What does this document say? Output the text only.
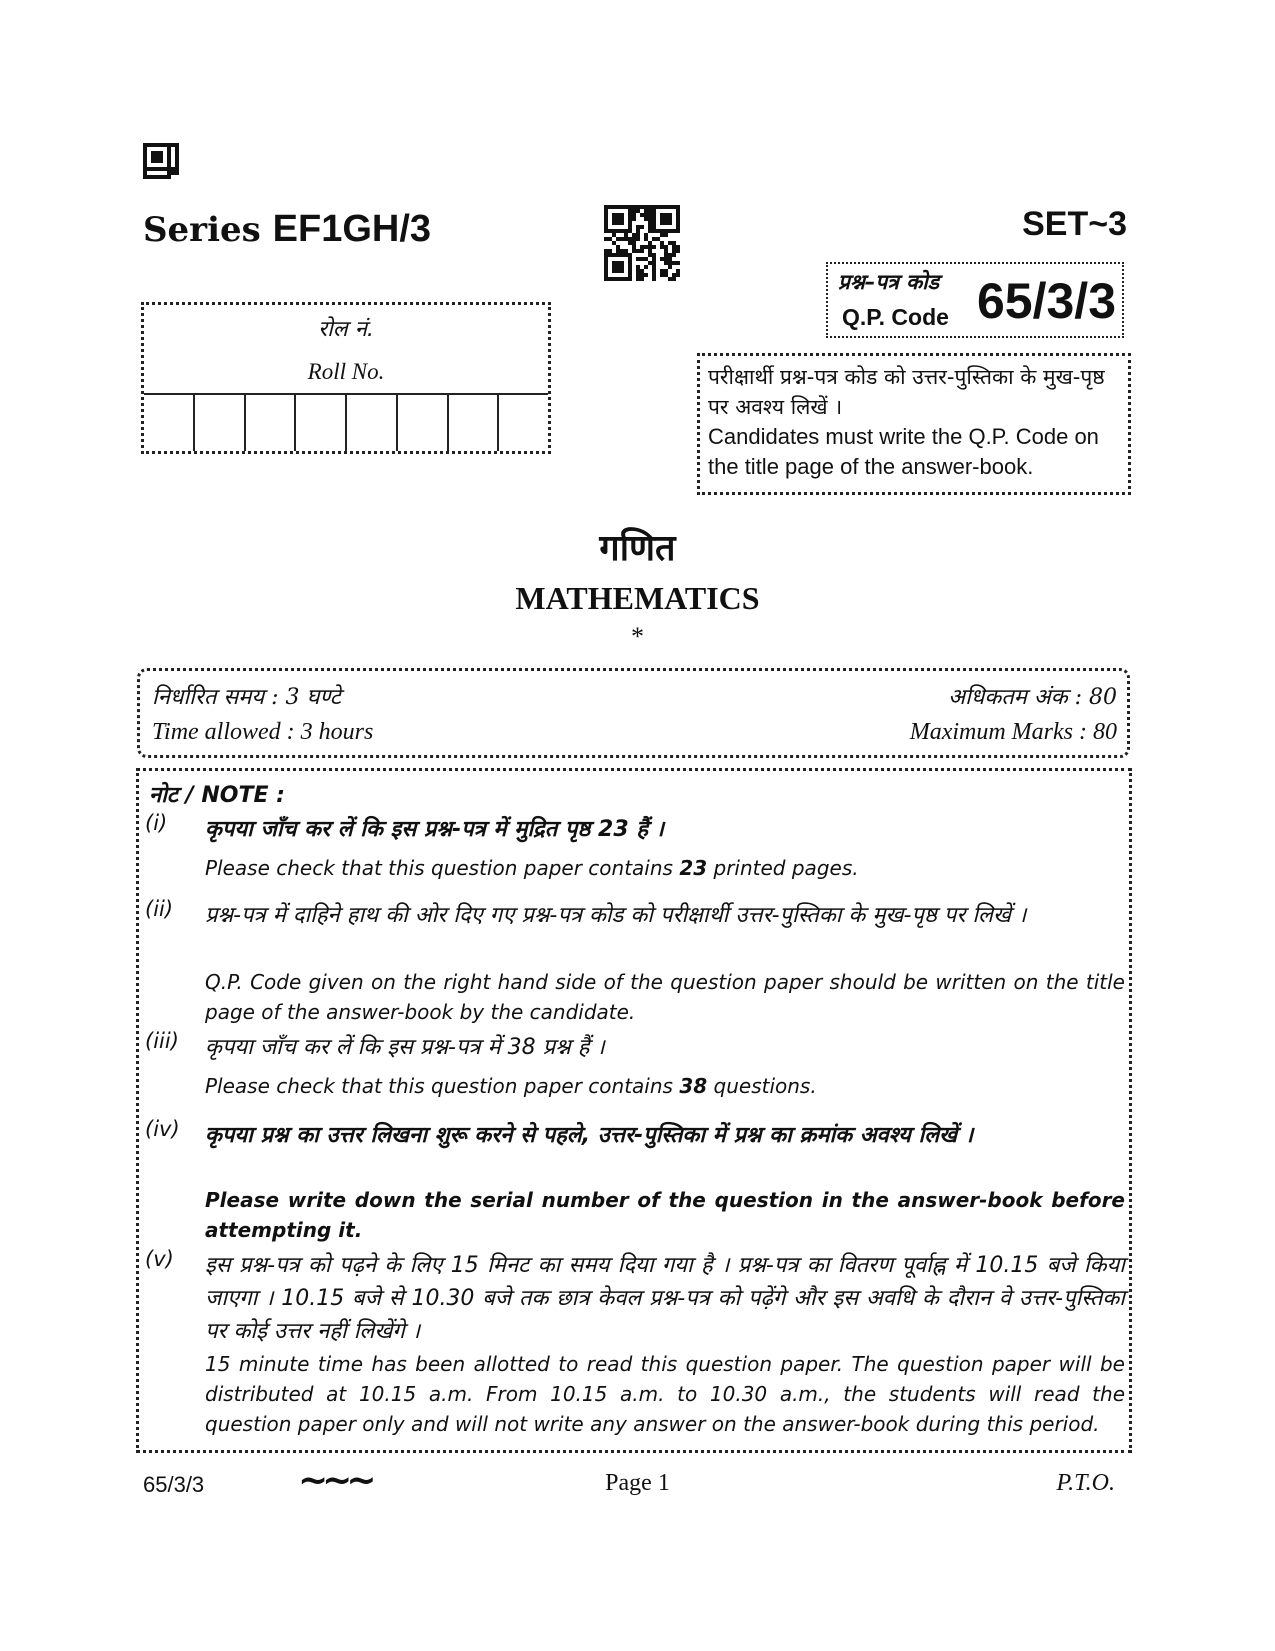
Series EF1GH/3	SET~3
रोल नं.
Roll No.
प्रश्न–पत्र कोड
Q.P. Code 65/3/3
परीक्षार्थी प्रश्न-पत्र कोड को उत्तर-पुस्तिका के मुख-पृष्ठ पर अवश्य लिखें ।
Candidates must write the Q.P. Code on the title page of the answer-book.
गणित
MATHEMATICS
*
निर्धारित समय : 3 घण्टे
Time allowed : 3 hours
अधिकतम अंक : 80
Maximum Marks : 80
नोट / NOTE :
(i) कृपया जाँच कर लें कि इस प्रश्न-पत्र में मुद्रित पृष्ठ 23 हैं ।
Please check that this question paper contains 23 printed pages.
(ii) प्रश्न-पत्र में दाहिने हाथ की ओर दिए गए प्रश्न-पत्र कोड को परीक्षार्थी उत्तर-पुस्तिका के मुख-पृष्ठ पर लिखें ।
Q.P. Code given on the right hand side of the question paper should be written on the title page of the answer-book by the candidate.
(iii) कृपया जाँच कर लें कि इस प्रश्न-पत्र में 38 प्रश्न हैं ।
Please check that this question paper contains 38 questions.
(iv) कृपया प्रश्न का उत्तर लिखना शुरू करने से पहले, उत्तर-पुस्तिका में प्रश्न का क्रमांक अवश्य लिखें ।
Please write down the serial number of the question in the answer-book before attempting it.
(v) इस प्रश्न-पत्र को पढ़ने के लिए 15 मिनट का समय दिया गया है । प्रश्न-पत्र का वितरण पूर्वाह्न में 10.15 बजे किया जाएगा । 10.15 बजे से 10.30 बजे तक छात्र केवल प्रश्न-पत्र को पढ़ेंगे और इस अवधि के दौरान वे उत्तर-पुस्तिका पर कोई उत्तर नहीं लिखेंगे ।
15 minute time has been allotted to read this question paper. The question paper will be distributed at 10.15 a.m. From 10.15 a.m. to 10.30 a.m., the students will read the question paper only and will not write any answer on the answer-book during this period.
65/3/3	~~~	Page 1	P.T.O.
